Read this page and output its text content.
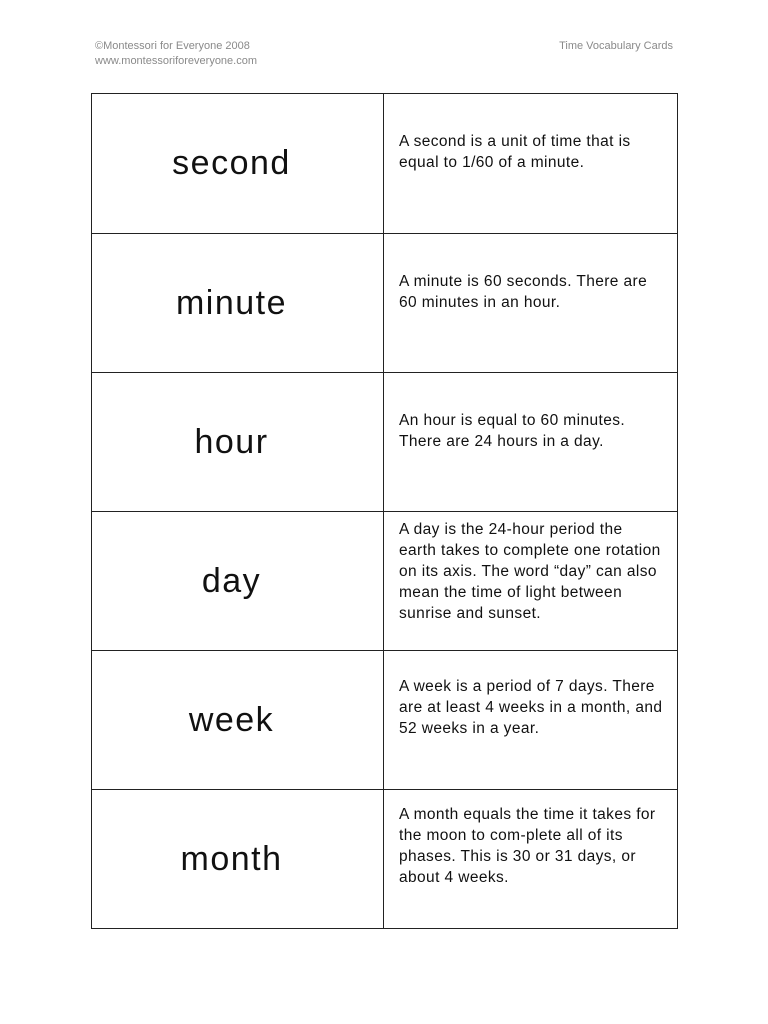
©Montessori for Everyone 2008
www.montessoriforeveryone.com
Time Vocabulary Cards
second
A second is a unit of time that is equal to 1/60 of a minute.
minute
A minute is 60 seconds. There are 60 minutes in an hour.
hour
An hour is equal to 60 minutes. There are 24 hours in a day.
day
A day is the 24-hour period the earth takes to complete one rotation on its axis. The word “day” can also mean the time of light between sunrise and sunset.
week
A week is a period of 7 days. There are at least 4 weeks in a month, and 52 weeks in a year.
month
A month equals the time it takes for the moon to com-plete all of its phases. This is 30 or 31 days, or about 4 weeks.
